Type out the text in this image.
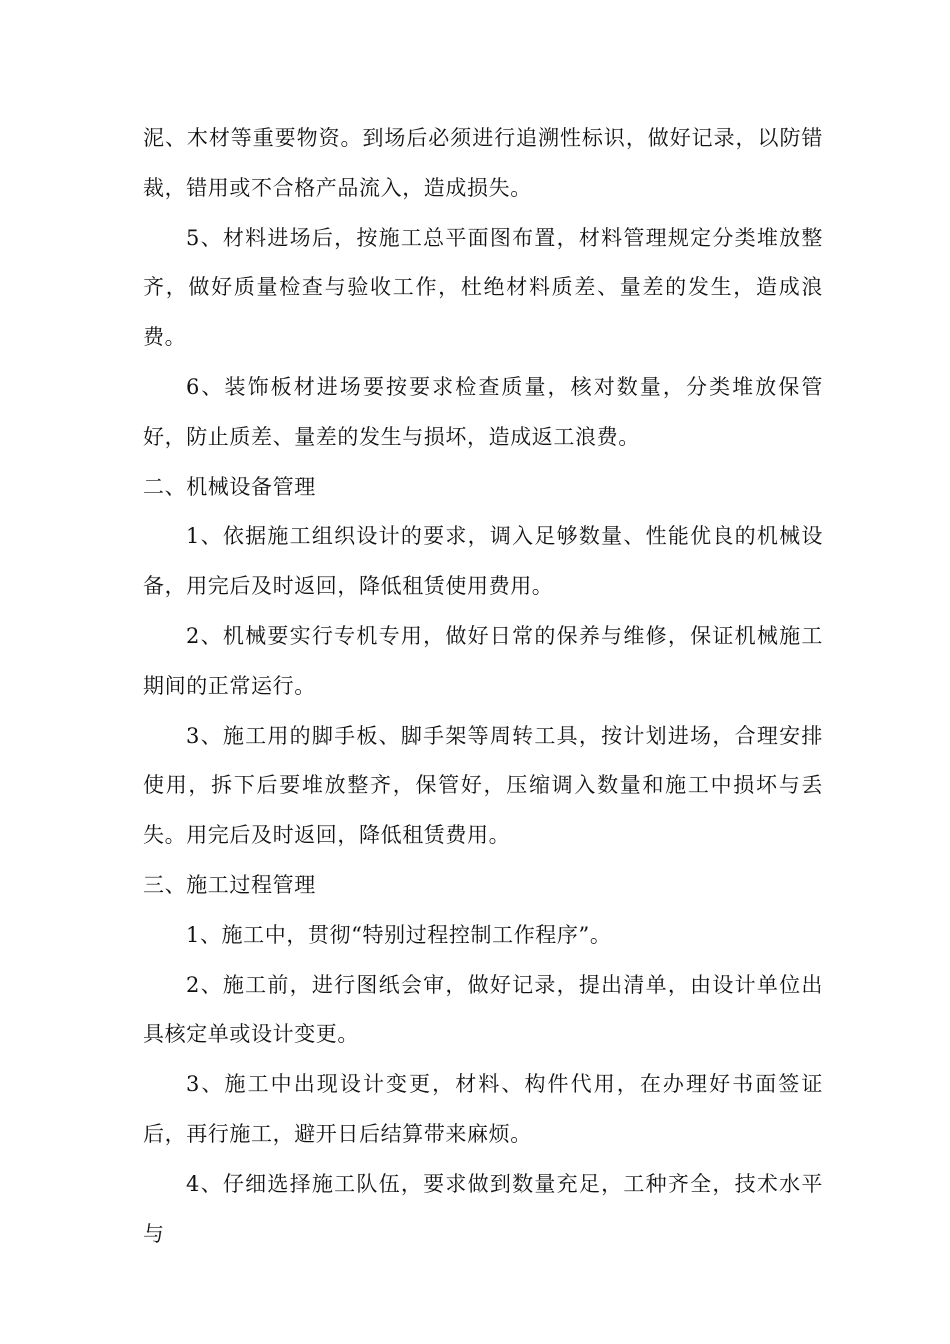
泥、木材等重要物资。到场后必须进行追溯性标识，做好记录，以防错裁，错用或不合格产品流入，造成损失。

5、材料进场后，按施工总平面图布置，材料管理规定分类堆放整齐，做好质量检查与验收工作，杜绝材料质差、量差的发生，造成浪费。

6、装饰板材进场要按要求检查质量，核对数量，分类堆放保管好，防止质差、量差的发生与损坏，造成返工浪费。

二、机械设备管理

1、依据施工组织设计的要求，调入足够数量、性能优良的机械设备，用完后及时返回，降低租赁使用费用。

2、机械要实行专机专用，做好日常的保养与维修，保证机械施工期间的正常运行。

3、施工用的脚手板、脚手架等周转工具，按计划进场，合理安排使用，拆下后要堆放整齐，保管好，压缩调入数量和施工中损坏与丢失。用完后及时返回，降低租赁费用。

三、施工过程管理

1、施工中，贯彻“特别过程控制工作程序”。

2、施工前，进行图纸会审，做好记录，提出清单，由设计单位出具核定单或设计变更。

3、施工中出现设计变更，材料、构件代用，在办理好书面签证后，再行施工，避开日后结算带来麻烦。

4、仔细选择施工队伍，要求做到数量充足，工种齐全，技术水平与
